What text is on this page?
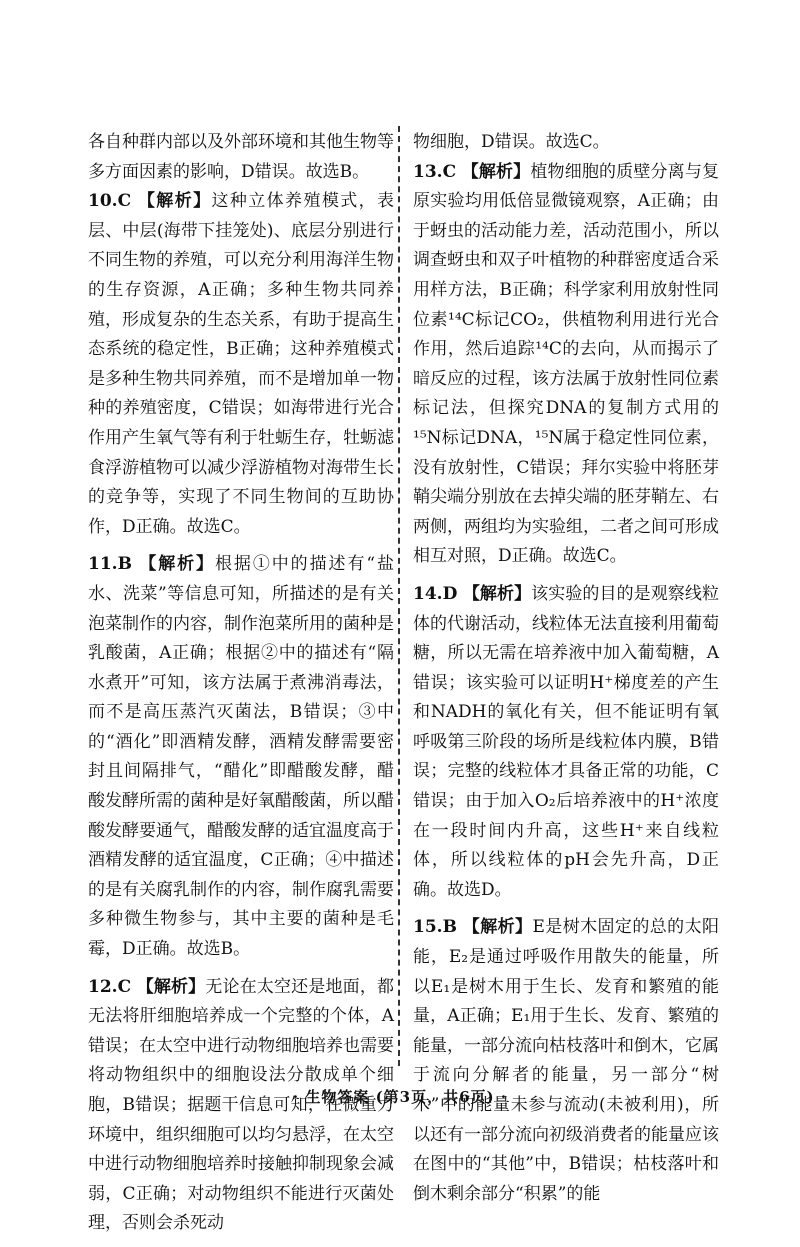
各自种群内部以及外部环境和其他生物等多方面因素的影响，D错误。故选B。

10.C 【解析】这种立体养殖模式，表层、中层(海带下挂笼处)、底层分别进行不同生物的养殖，可以充分利用海洋生物的生存资源，A正确；多种生物共同养殖，形成复杂的生态关系，有助于提高生态系统的稳定性，B正确；这种养殖模式是多种生物共同养殖，而不是增加单一物种的养殖密度，C错误；如海带进行光合作用产生氧气等有利于牡蛎生存，牡蛎滤食浮游植物可以减少浮游植物对海带生长的竞争等，实现了不同生物间的互助协作，D正确。故选C。

11.B 【解析】根据①中的描述有“盐水、洗菜”等信息可知，所描述的是有关泡菜制作的内容，制作泡菜所用的菌种是乳酸菌，A正确；根据②中的描述有“隔水煮开”可知，该方法属于煮沸消毒法，而不是高压蒸汽灭菌法，B错误；③中的“酒化”即酒精发酵，酒精发酵需要密封且间隔排气，“醋化”即醋酸发酵，醋酸发酵所需的菌种是好氧醋酸菌，所以醋酸发酵要通气，醋酸发酵的适宜温度高于酒精发酵的适宜温度，C正确；④中描述的是有关腐乳制作的内容，制作腐乳需要多种微生物参与，其中主要的菌种是毛霉，D正确。故选B。

12.C 【解析】无论在太空还是地面，都无法将肝细胞培养成一个完整的个体，A错误；在太空中进行动物细胞培养也需要将动物组织中的细胞设法分散成单个细胞，B错误；据题干信息可知，在微重力环境中，组织细胞可以均匀悬浮，在太空中进行动物细胞培养时接触抑制现象会减弱，C正确；对动物组织不能进行灭菌处理，否则会杀死动

物细胞，D错误。故选C。

13.C 【解析】植物细胞的质壁分离与复原实验均用低倍显微镜观察，A正确；由于蚜虫的活动能力差，活动范围小，所以调查蚜虫和双子叶植物的种群密度适合采用样方法，B正确；科学家利用放射性同位素¹⁴C标记CO₂，供植物利用进行光合作用，然后追踪¹⁴C的去向，从而揭示了暗反应的过程，该方法属于放射性同位素标记法，但探究DNA的复制方式用的¹⁵N标记DNA，¹⁵N属于稳定性同位素，没有放射性，C错误；拜尔实验中将胚芽鞘尖端分别放在去掉尖端的胚芽鞘左、右两侧，两组均为实验组，二者之间可形成相互对照，D正确。故选C。

14.D 【解析】该实验的目的是观察线粒体的代谢活动，线粒体无法直接利用葡萄糖，所以无需在培养液中加入葡萄糖，A错误；该实验可以证明H⁺梯度差的产生和NADH的氧化有关，但不能证明有氧呼吸第三阶段的场所是线粒体内膜，B错误；完整的线粒体才具备正常的功能，C错误；由于加入O₂后培养液中的H⁺浓度在一段时间内升高，这些H⁺来自线粒体，所以线粒体的pH会先升高，D正确。故选D。

15.B 【解析】E是树木固定的总的太阳能，E₂是通过呼吸作用散失的能量，所以E₁是树木用于生长、发育和繁殖的能量，A正确；E₁用于生长、发育、繁殖的能量，一部分流向枯枝落叶和倒木，它属于流向分解者的能量，另一部分“树木”中的能量未参与流动(未被利用)，所以还有一部分流向初级消费者的能量应该在图中的“其他”中，B错误；枯枝落叶和倒木剩余部分“积累”的能

· 生物答案 (第3页，共6页) ·
